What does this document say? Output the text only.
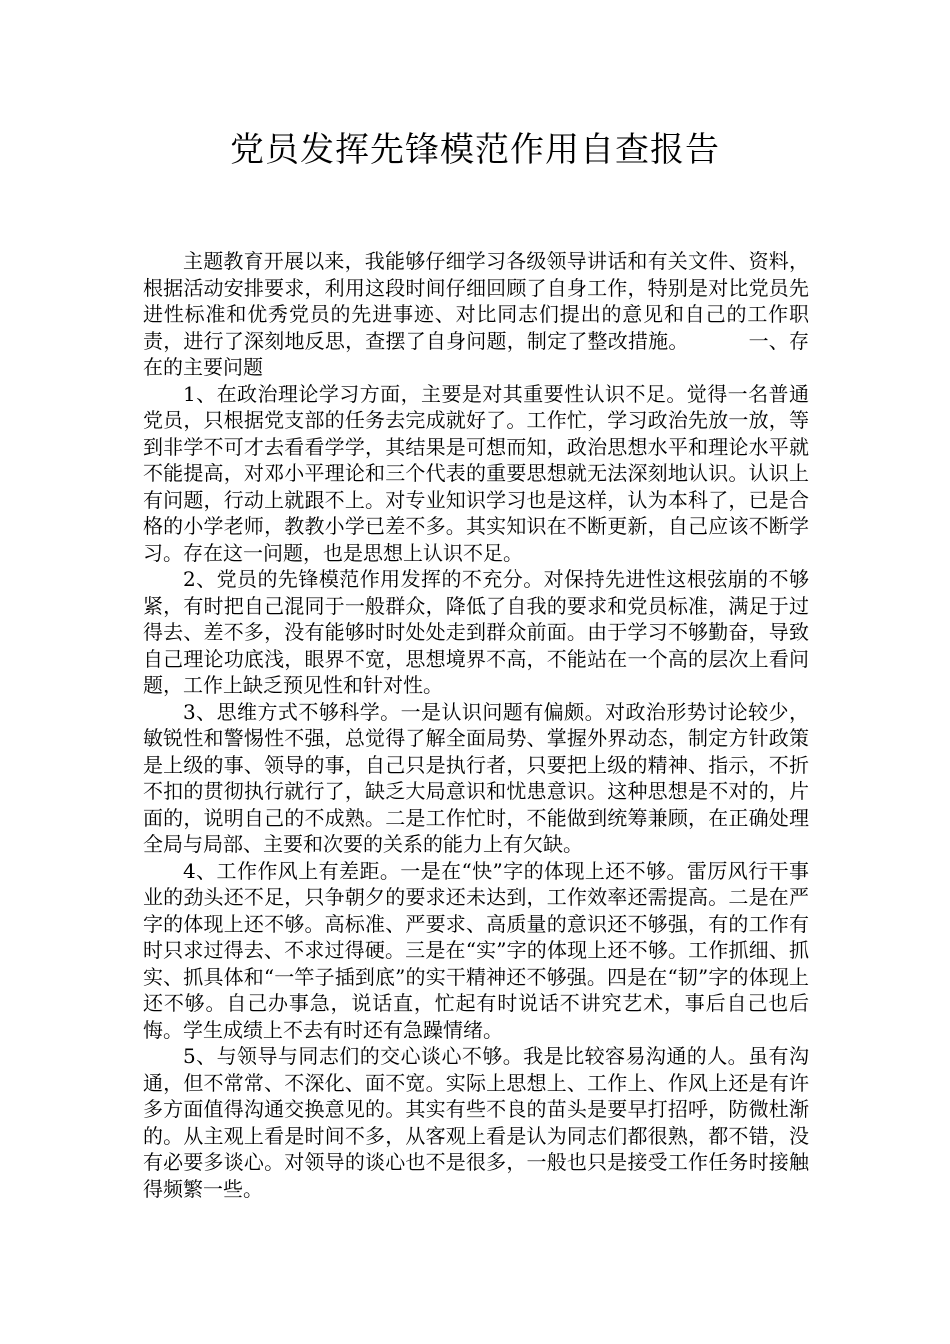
党员发挥先锋模范作用自查报告

主题教育开展以来，我能够仔细学习各级领导讲话和有关文件、资料，根据活动安排要求，利用这段时间仔细回顾了自身工作，特别是对比党员先进性标准和优秀党员的先进事迹、对比同志们提出的意见和自己的工作职责，进行了深刻地反思，查摆了自身问题，制定了整改措施。	一、存在的主要问题

1、在政治理论学习方面，主要是对其重要性认识不足。觉得一名普通党员，只根据党支部的任务去完成就好了。工作忙，学习政治先放一放，等到非学不可才去看看学学，其结果是可想而知，政治思想水平和理论水平就不能提高，对邓小平理论和三个代表的重要思想就无法深刻地认识。认识上有问题，行动上就跟不上。对专业知识学习也是这样，认为本科了，已是合格的小学老师，教教小学已差不多。其实知识在不断更新，自己应该不断学习。存在这一问题，也是思想上认识不足。

2、党员的先锋模范作用发挥的不充分。对保持先进性这根弦崩的不够紧，有时把自己混同于一般群众，降低了自我的要求和党员标准，满足于过得去、差不多，没有能够时时处处走到群众前面。由于学习不够勤奋，导致自己理论功底浅，眼界不宽，思想境界不高，不能站在一个高的层次上看问题，工作上缺乏预见性和针对性。

3、思维方式不够科学。一是认识问题有偏颇。对政治形势讨论较少，敏锐性和警惕性不强，总觉得了解全面局势、掌握外界动态，制定方针政策是上级的事、领导的事，自己只是执行者，只要把上级的精神、指示，不折不扣的贯彻执行就行了，缺乏大局意识和忧患意识。这种思想是不对的，片面的，说明自己的不成熟。二是工作忙时，不能做到统筹兼顾，在正确处理全局与局部、主要和次要的关系的能力上有欠缺。

4、工作作风上有差距。一是在“快”字的体现上还不够。雷厉风行干事业的劲头还不足，只争朝夕的要求还未达到，工作效率还需提高。二是在严字的体现上还不够。高标准、严要求、高质量的意识还不够强，有的工作有时只求过得去、不求过得硬。三是在“实”字的体现上还不够。工作抓细、抓实、抓具体和“一竿子插到底”的实干精神还不够强。四是在“韧”字的体现上还不够。自己办事急，说话直，忙起有时说话不讲究艺术，事后自己也后悔。学生成绩上不去有时还有急躁情绪。

5、与领导与同志们的交心谈心不够。我是比较容易沟通的人。虽有沟通，但不常常、不深化、面不宽。实际上思想上、工作上、作风上还是有许多方面值得沟通交换意见的。其实有些不良的苗头是要早打招呼，防微杜渐的。从主观上看是时间不多，从客观上看是认为同志们都很熟，都不错，没有必要多谈心。对领导的谈心也不是很多，一般也只是接受工作任务时接触得频繁一些。
